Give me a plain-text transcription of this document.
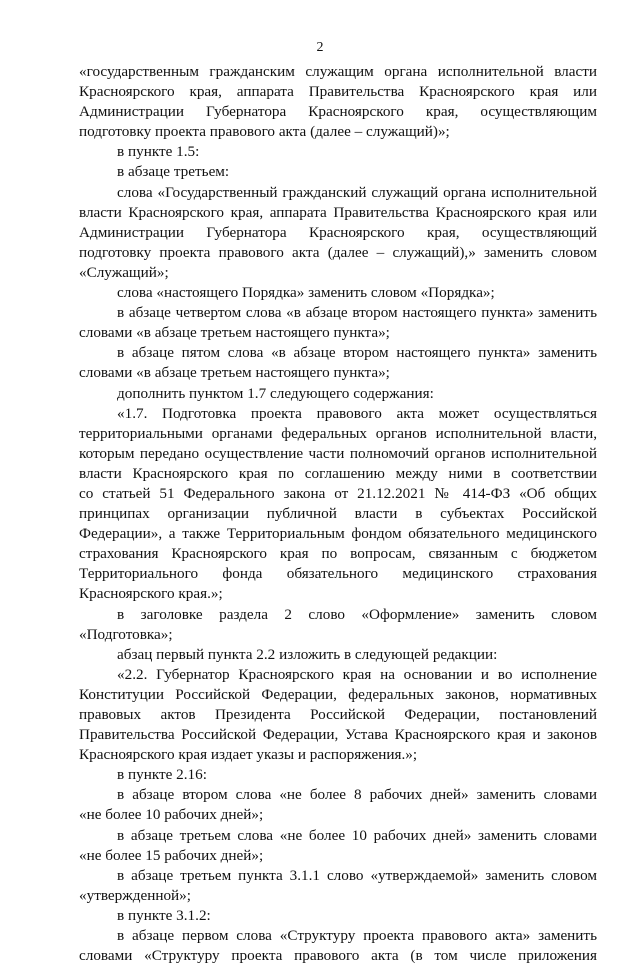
2
«государственным гражданским служащим органа исполнительной власти
Красноярского края, аппарата Правительства Красноярского края или
Администрации Губернатора Красноярского края, осуществляющим
подготовку проекта правового акта (далее – служащий)»;
в пункте 1.5:
в абзаце третьем:
слова «Государственный гражданский служащий органа исполнительной
власти Красноярского края, аппарата Правительства Красноярского края или
Администрации Губернатора Красноярского края, осуществляющий
подготовку проекта правового акта (далее – служащий),» заменить словом
«Служащий»;
слова «настоящего Порядка» заменить словом «Порядка»;
в абзаце четвертом слова «в абзаце втором настоящего пункта» заменить
словами «в абзаце третьем настоящего пункта»;
в абзаце пятом слова «в абзаце втором настоящего пункта» заменить
словами «в абзаце третьем настоящего пункта»;
дополнить пунктом 1.7 следующего содержания:
«1.7. Подготовка проекта правового акта может осуществляться
территориальными органами федеральных органов исполнительной власти,
которым передано осуществление части полномочий органов исполнительной
власти Красноярского края по соглашению между ними в соответствии
со статьей 51 Федерального закона от 21.12.2021 № 414-ФЗ «Об общих
принципах организации публичной власти в субъектах Российской
Федерации», а также Территориальным фондом обязательного медицинского
страхования Красноярского края по вопросам, связанным с бюджетом
Территориального фонда обязательного медицинского страхования
Красноярского края.»;
в заголовке раздела 2 слово «Оформление» заменить словом
«Подготовка»;
абзац первый пункта 2.2 изложить в следующей редакции:
«2.2. Губернатор Красноярского края на основании и во исполнение
Конституции Российской Федерации, федеральных законов, нормативных
правовых актов Президента Российской Федерации, постановлений
Правительства Российской Федерации, Устава Красноярского края и законов
Красноярского края издает указы и распоряжения.»;
в пункте 2.16:
в абзаце втором слова «не более 8 рабочих дней» заменить словами
«не более 10 рабочих дней»;
в абзаце третьем слова «не более 10 рабочих дней» заменить словами
«не более 15 рабочих дней»;
в абзаце третьем пункта 3.1.1 слово «утверждаемой» заменить словом
«утвержденной»;
в пункте 3.1.2:
в абзаце первом слова «Структуру проекта правового акта» заменить
словами «Структуру проекта правового акта (в том числе приложения
